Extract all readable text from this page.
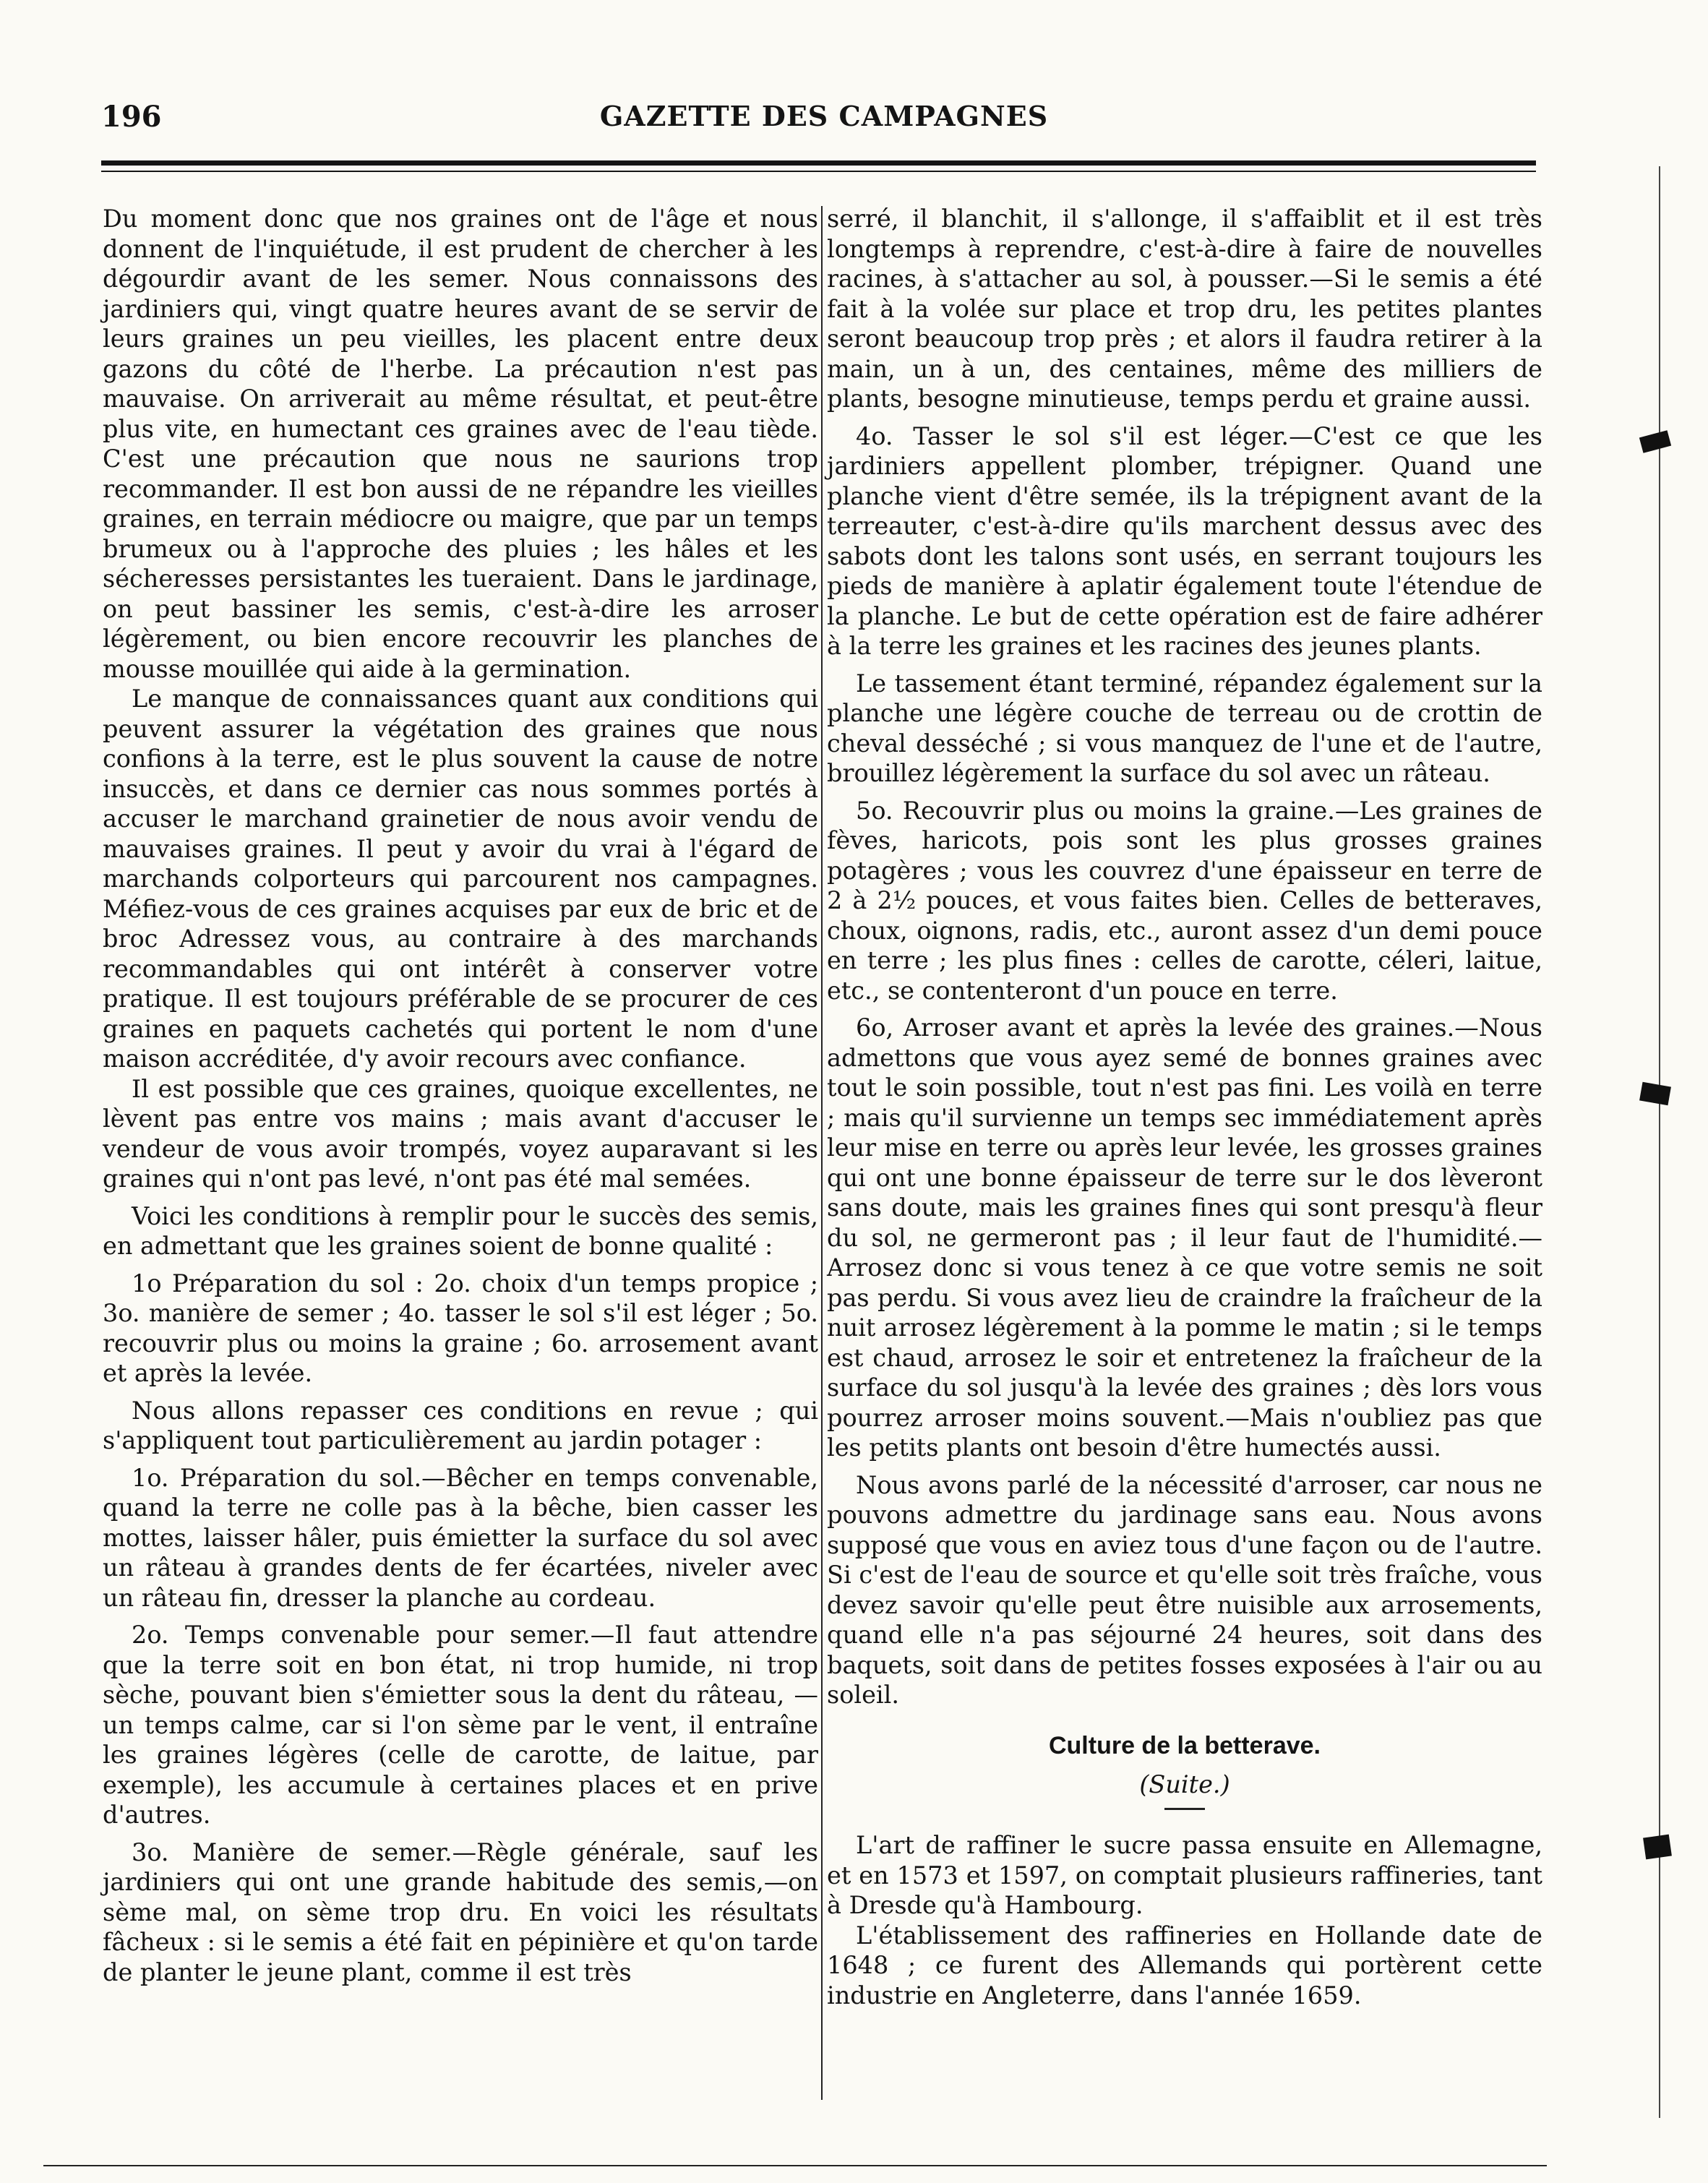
196	GAZETTE DES CAMPAGNES

Du moment donc que nos graines ont de l'âge et nous donnent de l'inquiétude, il est prudent de chercher à les dégourdir avant de les semer. Nous connaissons des jardiniers qui, vingt quatre heures avant de se servir de leurs graines un peu vieilles, les placent entre deux gazons du côté de l'herbe. La précaution n'est pas mauvaise. On arriverait au même résultat, et peut-être plus vite, en humectant ces graines avec de l'eau tiède. C'est une précaution que nous ne saurions trop recommander. Il est bon aussi de ne répandre les vieilles graines, en terrain médiocre ou maigre, que par un temps brumeux ou à l'approche des pluies ; les hâles et les sécheresses persistantes les tueraient. Dans le jardinage, on peut bassiner les semis, c'est-à-dire les arroser légèrement, ou bien encore recouvrir les planches de mousse mouillée qui aide à la germination.

Le manque de connaissances quant aux conditions qui peuvent assurer la végétation des graines que nous confions à la terre, est le plus souvent la cause de notre insuccès, et dans ce dernier cas nous sommes portés à accuser le marchand grainetier de nous avoir vendu de mauvaises graines. Il peut y avoir du vrai à l'égard de marchands colporteurs qui parcourent nos campagnes. Méfiez-vous de ces graines acquises par eux de bric et de broc Adressez vous, au contraire à des marchands recommandables qui ont intérêt à conserver votre pratique. Il est toujours préférable de se procurer de ces graines en paquets cachetés qui portent le nom d'une maison accréditée, d'y avoir recours avec confiance.

Il est possible que ces graines, quoique excellentes, ne lèvent pas entre vos mains ; mais avant d'accuser le vendeur de vous avoir trompés, voyez auparavant si les graines qui n'ont pas levé, n'ont pas été mal semées.

Voici les conditions à remplir pour le succès des semis, en admettant que les graines soient de bonne qualité :

1o Préparation du sol : 2o. choix d'un temps propice ; 3o. manière de semer ; 4o. tasser le sol s'il est léger ; 5o. recouvrir plus ou moins la graine ; 6o. arrosement avant et après la levée.

Nous allons repasser ces conditions en revue ; qui s'appliquent tout particulièrement au jardin potager :

1o. Préparation du sol.—Bêcher en temps convenable, quand la terre ne colle pas à la bêche, bien casser les mottes, laisser hâler, puis émietter la surface du sol avec un râteau à grandes dents de fer écartées, niveler avec un râteau fin, dresser la planche au cordeau.

2o. Temps convenable pour semer.—Il faut attendre que la terre soit en bon état, ni trop humide, ni trop sèche, pouvant bien s'émietter sous la dent du râteau, —un temps calme, car si l'on sème par le vent, il entraîne les graines légères (celle de carotte, de laitue, par exemple), les accumule à certaines places et en prive d'autres.

3o. Manière de semer.—Règle générale, sauf les jardiniers qui ont une grande habitude des semis,—on sème mal, on sème trop dru. En voici les résultats fâcheux : si le semis a été fait en pépinière et qu'on tarde de planter le jeune plant, comme il est très

serré, il blanchit, il s'allonge, il s'affaiblit et il est très longtemps à reprendre, c'est-à-dire à faire de nouvelles racines, à s'attacher au sol, à pousser.—Si le semis a été fait à la volée sur place et trop dru, les petites plantes seront beaucoup trop près ; et alors il faudra retirer à la main, un à un, des centaines, même des milliers de plants, besogne minutieuse, temps perdu et graine aussi.

4o. Tasser le sol s'il est léger.—C'est ce que les jardiniers appellent plomber, trépigner. Quand une planche vient d'être semée, ils la trépignent avant de la terreauter, c'est-à-dire qu'ils marchent dessus avec des sabots dont les talons sont usés, en serrant toujours les pieds de manière à aplatir également toute l'étendue de la planche. Le but de cette opération est de faire adhérer à la terre les graines et les racines des jeunes plants.

Le tassement étant terminé, répandez également sur la planche une légère couche de terreau ou de crottin de cheval desséché ; si vous manquez de l'une et de l'autre, brouillez légèrement la surface du sol avec un râteau.

5o. Recouvrir plus ou moins la graine.—Les graines de fèves, haricots, pois sont les plus grosses graines potagères ; vous les couvrez d'une épaisseur en terre de 2 à 2½ pouces, et vous faites bien. Celles de betteraves, choux, oignons, radis, etc., auront assez d'un demi pouce en terre ; les plus fines : celles de carotte, céleri, laitue, etc., se contenteront d'un pouce en terre.

6o, Arroser avant et après la levée des graines.—Nous admettons que vous ayez semé de bonnes graines avec tout le soin possible, tout n'est pas fini. Les voilà en terre ; mais qu'il survienne un temps sec immédiatement après leur mise en terre ou après leur levée, les grosses graines qui ont une bonne épaisseur de terre sur le dos lèveront sans doute, mais les graines fines qui sont presqu'à fleur du sol, ne germeront pas ; il leur faut de l'humidité.—Arrosez donc si vous tenez à ce que votre semis ne soit pas perdu. Si vous avez lieu de craindre la fraîcheur de la nuit arrosez légèrement à la pomme le matin ; si le temps est chaud, arrosez le soir et entretenez la fraîcheur de la surface du sol jusqu'à la levée des graines ; dès lors vous pourrez arroser moins souvent.—Mais n'oubliez pas que les petits plants ont besoin d'être humectés aussi.

Nous avons parlé de la nécessité d'arroser, car nous ne pouvons admettre du jardinage sans eau. Nous avons supposé que vous en aviez tous d'une façon ou de l'autre. Si c'est de l'eau de source et qu'elle soit très fraîche, vous devez savoir qu'elle peut être nuisible aux arrosements, quand elle n'a pas séjourné 24 heures, soit dans des baquets, soit dans de petites fosses exposées à l'air ou au soleil.

Culture de la betterave.
(Suite.)

L'art de raffiner le sucre passa ensuite en Allemagne, et en 1573 et 1597, on comptait plusieurs raffineries, tant à Dresde qu'à Hambourg.

L'établissement des raffineries en Hollande date de 1648 ; ce furent des Allemands qui portèrent cette industrie en Angleterre, dans l'année 1659.
